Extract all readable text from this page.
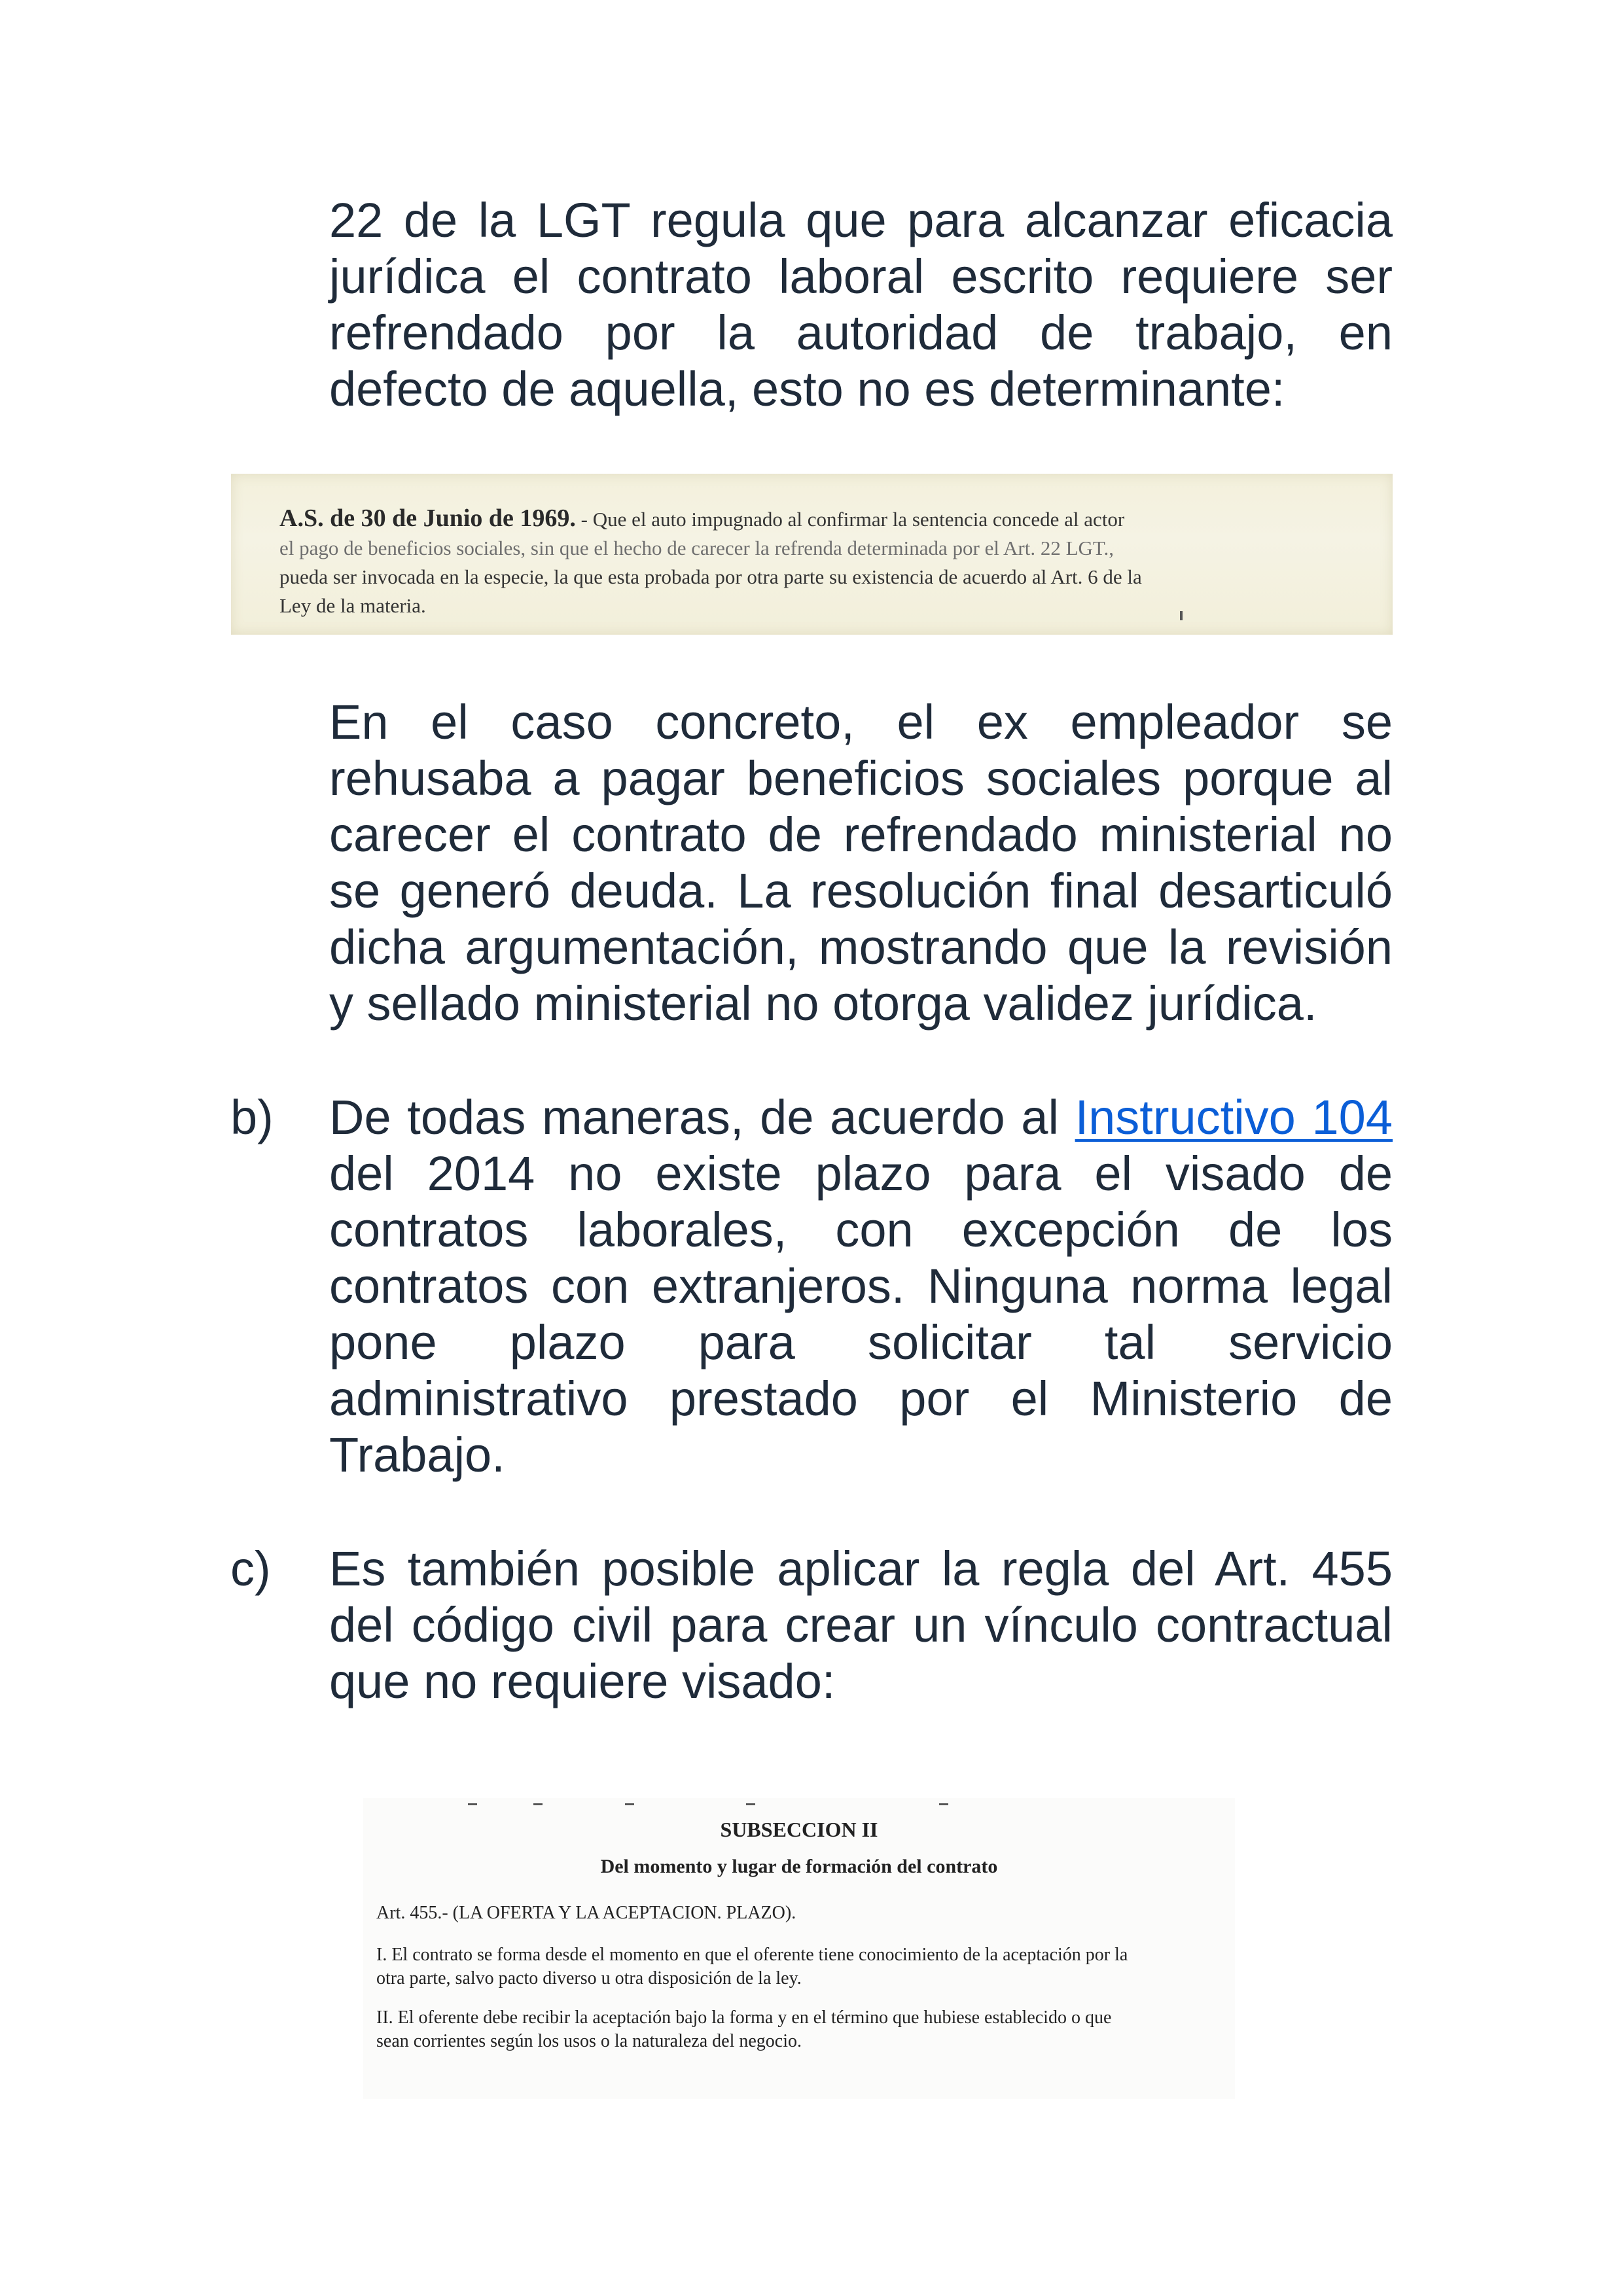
22 de la LGT regula que para alcanzar eficacia jurídica el contrato laboral escrito requiere ser refrendado por la autoridad de trabajo, en defecto de aquella, esto no es determinante:

A.S. de 30 de Junio de 1969. - Que el auto impugnado al confirmar la sentencia concede al actor
el pago de beneficios sociales, sin que el hecho de carecer la refrenda determinada por el Art. 22 LGT.,
pueda ser invocada en la especie, la que esta probada por otra parte su existencia de acuerdo al Art. 6 de la
Ley de la materia.

En el caso concreto, el ex empleador se rehusaba a pagar beneficios sociales porque al carecer el contrato de refrendado ministerial no se generó deuda. La resolución final desarticuló dicha argumentación, mostrando que la revisión y sellado ministerial no otorga validez jurídica.

b) De todas maneras, de acuerdo al Instructivo 104 del 2014 no existe plazo para el visado de contratos laborales, con excepción de los contratos con extranjeros. Ninguna norma legal pone plazo para solicitar tal servicio administrativo prestado por el Ministerio de Trabajo.

c) Es también posible aplicar la regla del Art. 455 del código civil para crear un vínculo contractual que no requiere visado:

SUBSECCION II
Del momento y lugar de formación del contrato
Art. 455.- (LA OFERTA Y LA ACEPTACION. PLAZO).
I. El contrato se forma desde el momento en que el oferente tiene conocimiento de la aceptación por la
otra parte, salvo pacto diverso u otra disposición de la ley.
II. El oferente debe recibir la aceptación bajo la forma y en el término que hubiese establecido o que
sean corrientes según los usos o la naturaleza del negocio.
